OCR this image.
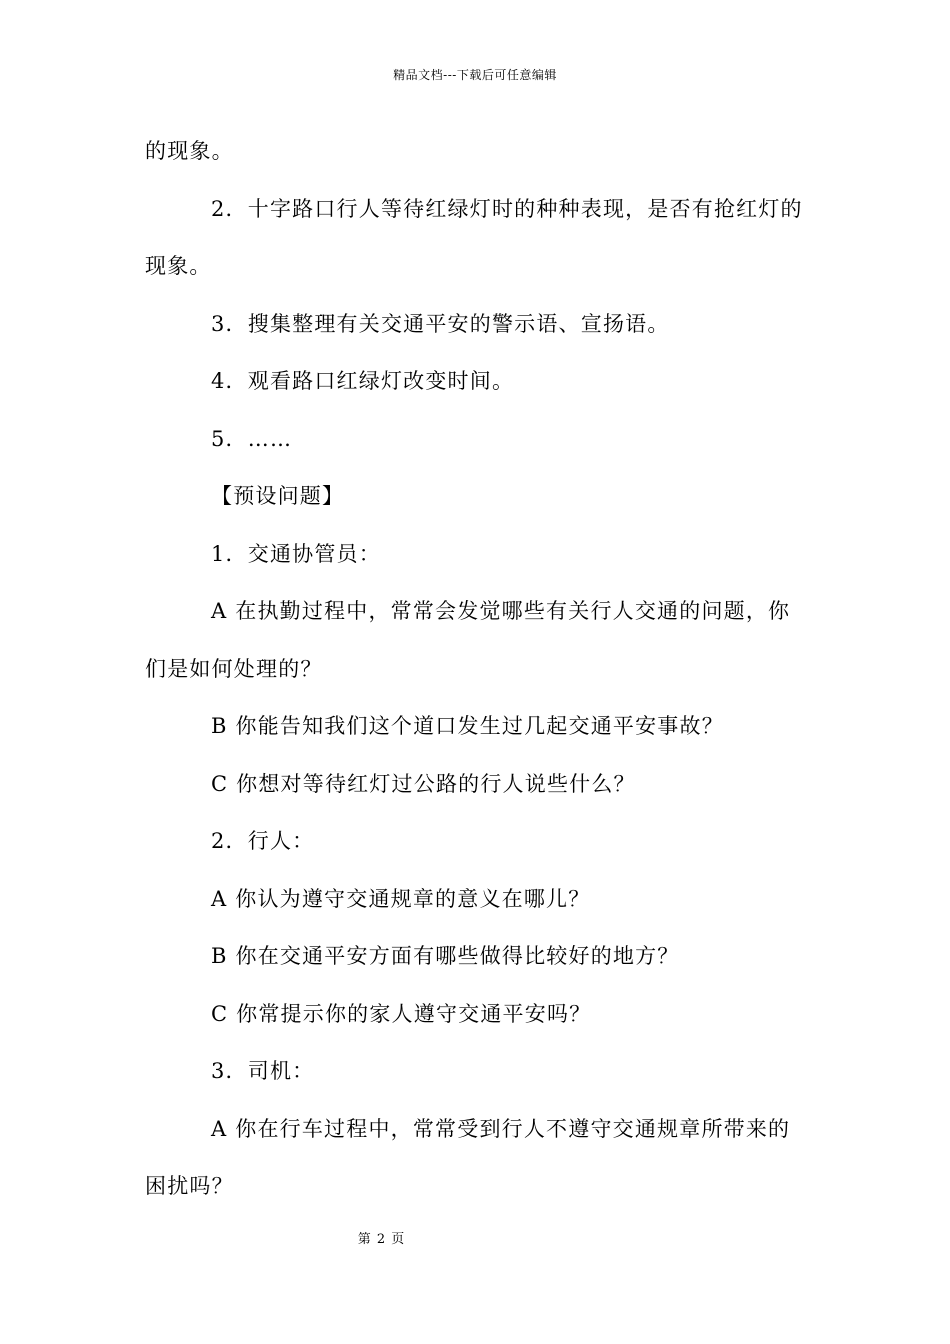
精品文档---下载后可任意编辑
的现象。
2．十字路口行人等待红绿灯时的种种表现，是否有抢红灯的
现象。
3．搜集整理有关交通平安的警示语、宣扬语。
4．观看路口红绿灯改变时间。
5．……
【预设问题】
1．交通协管员：
A 在执勤过程中，常常会发觉哪些有关行人交通的问题，你
们是如何处理的？
B 你能告知我们这个道口发生过几起交通平安事故？
C 你想对等待红灯过公路的行人说些什么？
2．行人：
A 你认为遵守交通规章的意义在哪儿？
B 你在交通平安方面有哪些做得比较好的地方？
C 你常提示你的家人遵守交通平安吗？
3．司机：
A 你在行车过程中，常常受到行人不遵守交通规章所带来的
困扰吗？
第 2 页
